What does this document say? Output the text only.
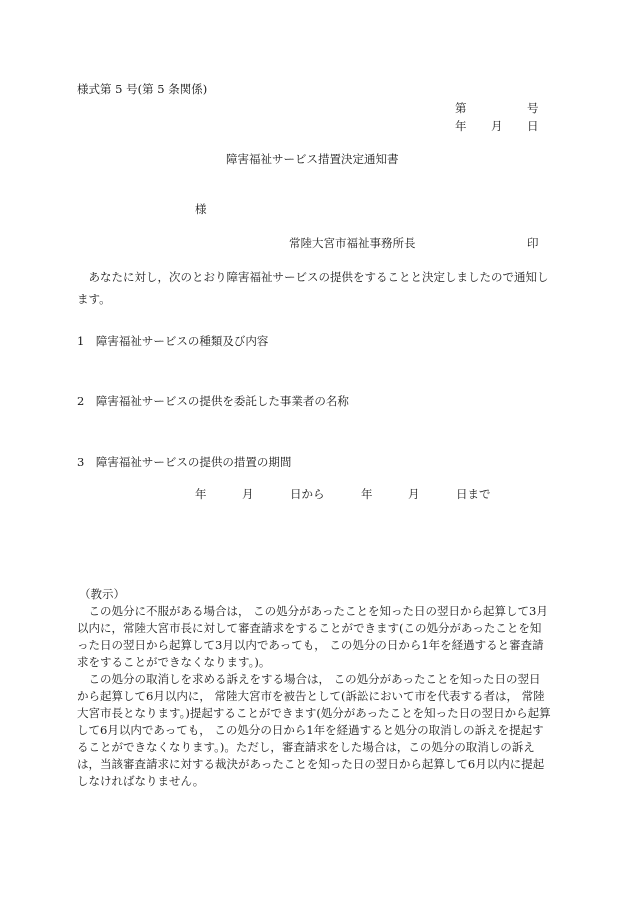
様式第 5 号(第 5 条関係)
第	号
年 月 日
障害福祉サービス措置決定通知書
様
常陸大宮市福祉事務所長	印
あなたに対し，次のとおり障害福祉サービスの提供をすることと決定しましたので通知します。
1　障害福祉サービスの種類及び内容
2　障害福祉サービスの提供を委託した事業者の名称
3　障害福祉サービスの提供の措置の期間
年	月	日から	年	月	日まで
（教示）
この処分に不服がある場合は， この処分があったことを知った日の翌日から起算して3月以内に，常陸大宮市長に対して審査請求をすることができます(この処分があったことを知った日の翌日から起算して3月以内であっても， この処分の日から1年を経過すると審査請求をすることができなくなります。)。
この処分の取消しを求める訴えをする場合は， この処分があったことを知った日の翌日から起算して6月以内に， 常陸大宮市を被告として(訴訟において市を代表する者は， 常陸大宮市長となります。)提起することができます(処分があったことを知った日の翌日から起算して6月以内であっても， この処分の日から1年を経過すると処分の取消しの訴えを提起することができなくなります。)。ただし，審査請求をした場合は，この処分の取消しの訴えは，当該審査請求に対する裁決があったことを知った日の翌日から起算して6月以内に提起しなければなりません。
